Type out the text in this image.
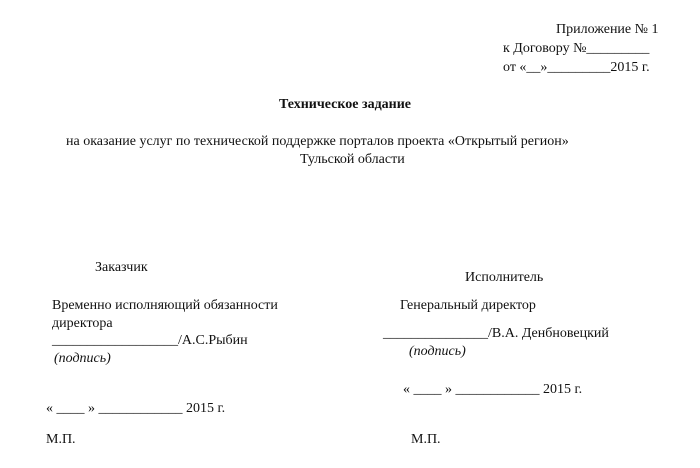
Приложение № 1
к Договору №_________
от «__»_________2015 г.
Техническое задание
на оказание услуг по технической поддержке порталов проекта «Открытый регион»
Тульской области
Заказчик
Временно исполняющий обязанности
директора
__________________/А.С.Рыбин
(подпись)
« ____ » ____________ 2015 г.
М.П.
Исполнитель
Генеральный директор
_______________/В.А. Денбновецкий
(подпись)
« ____ » ____________ 2015 г.
М.П.
